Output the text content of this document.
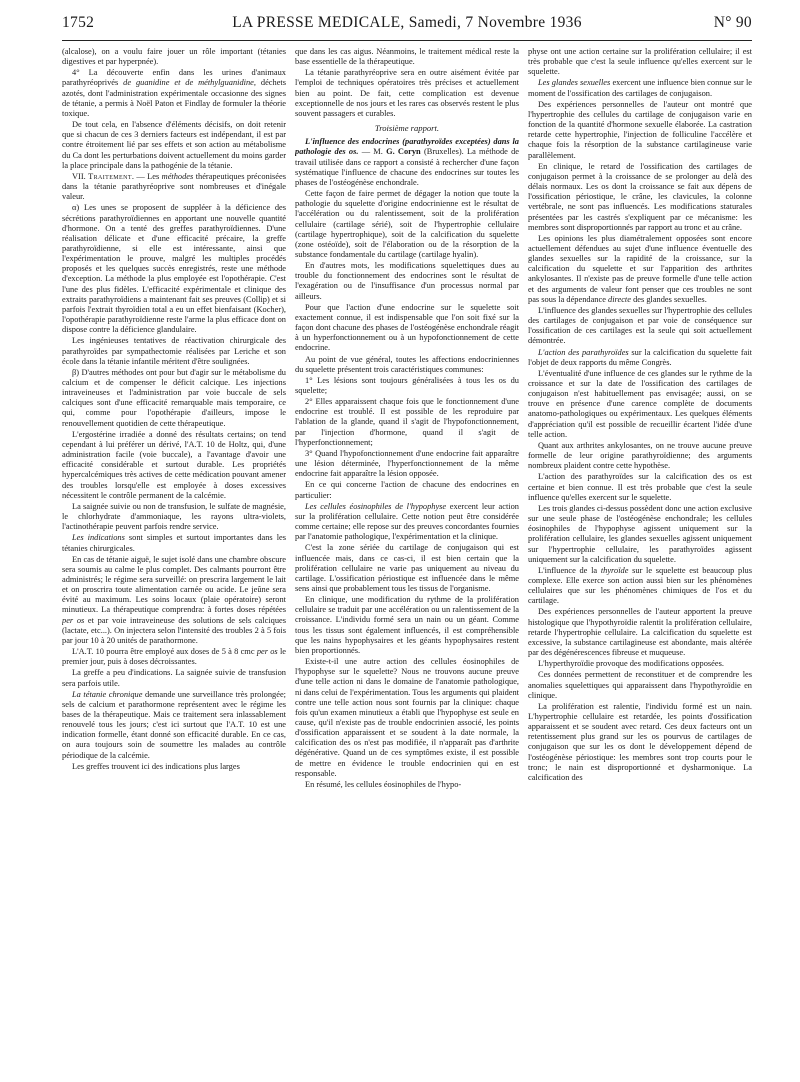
1752	LA PRESSE MEDICALE, Samedi, 7 Novembre 1936	N° 90

(alcalose), on a voulu faire jouer un rôle important (tétanies digestives et par hyperpnée).

4° La découverte enfin dans les urines d'animaux parathyréoprivés de guanidine et de méthylguanidine, déchets azotés, dont l'administration expérimentale occasionne des signes de tétanie, a permis à Noël Paton et Findlay de formuler la théorie toxique.

De tout cela, en l'absence d'éléments décisifs, on doit retenir que si chacun de ces 3 derniers facteurs est indépendant, il est par contre étroitement lié par ses effets et son action au métabolisme du Ca dont les perturbations doivent actuellement du moins garder la place principale dans la pathogénie de la tétanie.

VII. Traitement. — Les méthodes thérapeutiques préconisées dans la tétanie parathyréoprive sont nombreuses et d'inégale valeur.

α) Les unes se proposent de suppléer à la déficience des sécrétions parathyroïdiennes en apportant une nouvelle quantité d'hormone. On a tenté des greffes parathyroïdiennes. D'une réalisation délicate et d'une efficacité précaire, la greffe parathyroïdienne, si elle est intéressante, ainsi que l'expérimentation le prouve, malgré les multiples procédés proposés et les quelques succès enregistrés, reste une méthode d'exception. La méthode la plus employée est l'opothérapie. C'est l'une des plus fidèles. L'efficacité expérimentale et clinique des extraits parathyroïdiens a maintenant fait ses preuves (Collip) et si parfois l'extrait thyroïdien total a eu un effet bienfaisant (Kocher), l'opothérapie parathyroïdienne reste l'arme la plus efficace dont on dispose contre la déficience glandulaire.

Les ingénieuses tentatives de réactivation chirurgicale des parathyroïdes par sympathectomie réalisées par Leriche et son école dans la tétanie infantile méritent d'être soulignées.

β) D'autres méthodes ont pour but d'agir sur le métabolisme du calcium et de compenser le déficit calcique. Les injections intraveineuses et l'administration par voie buccale de sels calciques sont d'une efficacité remarquable mais temporaire, ce qui, comme pour l'opothérapie d'ailleurs, impose le renouvellement quotidien de cette thérapeutique.

L'ergostérine irradiée a donné des résultats certains; on tend cependant à lui préférer un dérivé, l'A.T. 10 de Holtz, qui, d'une administration facile (voie buccale), a l'avantage d'avoir une efficacité considérable et surtout durable. Les propriétés hypercalcémiques très actives de cette médication pouvant amener des troubles lorsqu'elle est employée à doses excessives nécessitent le contrôle permanent de la calcémie.

La saignée suivie ou non de transfusion, le sulfate de magnésie, le chlorhydrate d'ammoniaque, les rayons ultra-violets, l'actinothérapie peuvent parfois rendre service.

Les indications sont simples et surtout importantes dans les tétanies chirurgicales.

En cas de tétanie aiguë, le sujet isolé dans une chambre obscure sera soumis au calme le plus complet. Des calmants pourront être administrés; le régime sera surveillé: on prescrira largement le lait et on proscrira toute alimentation carnée ou acide. Le jeûne sera évité au maximum. Les soins locaux (plaie opératoire) seront minutieux. La thérapeutique comprendra: à fortes doses répétées per os et par voie intraveineuse des solutions de sels calciques (lactate, etc...). On injectera selon l'intensité des troubles 2 à 5 fois par jour 10 à 20 unités de parathormone.

L'A.T. 10 pourra être employé aux doses de 5 à 8 cmc per os le premier jour, puis à doses décroissantes.

La greffe a peu d'indications. La saignée suivie de transfusion sera parfois utile.

La tétanie chronique demande une surveillance très prolongée; sels de calcium et parathormone représentent avec le régime les bases de la thérapeutique. Mais ce traitement sera inlassablement renouvelé tous les jours; c'est ici surtout que l'A.T. 10 est une indication formelle, étant donné son efficacité durable. En ce cas, on aura toujours soin de soumettre les malades au contrôle périodique de la calcémie.

Les greffes trouvent ici des indications plus larges

que dans les cas aigus. Néanmoins, le traitement médical reste la base essentielle de la thérapeutique.

La tétanie parathyréoprive sera en outre aisément évitée par l'emploi de techniques opératoires très précises et actuellement bien au point. De fait, cette complication est devenue exceptionnelle de nos jours et les rares cas observés restent le plus souvent passagers et curables.

Troisième rapport.

L'influence des endocrines (parathyroïdes exceptées) dans la pathologie des os. — M. G. Coryn (Bruxelles). La méthode de travail utilisée dans ce rapport a consisté à rechercher d'une façon systématique l'influence de chacune des endocrines sur toutes les phases de l'ostéogénèse enchondrale.

Cette façon de faire permet de dégager la notion que toute la pathologie du squelette d'origine endocrinienne est le résultat de l'accélération ou du ralentissement, soit de la prolifération cellulaire (cartilage sérié), soit de l'hypertrophie cellulaire (cartilage hypertrophique), soit de la calcification du squelette (zone ostéoïde), soit de l'élaboration ou de la résorption de la substance fondamentale du cartilage (cartilage hyalin).

En d'autres mots, les modifications squelettiques dues au trouble du fonctionnement des endocrines sont le résultat de l'exagération ou de l'insuffisance d'un processus normal par ailleurs.

Pour que l'action d'une endocrine sur le squelette soit exactement connue, il est indispensable que l'on soit fixé sur la façon dont chacune des phases de l'ostéogénèse enchondrale réagit à un hyperfonctionnement ou à un hypofonctionnement de cette endocrine.

Au point de vue général, toutes les affections endocriniennes du squelette présentent trois caractéristiques communes:

1° Les lésions sont toujours généralisées à tous les os du squelette;

2° Elles apparaissent chaque fois que le fonctionnement d'une endocrine est troublé. Il est possible de les reproduire par l'ablation de la glande, quand il s'agit de l'hypofonctionnement, par l'injection d'hormone, quand il s'agit de l'hyperfonctionnement;

3° Quand l'hypofonctionnement d'une endocrine fait apparaître une lésion déterminée, l'hyperfonctionnement de la même endocrine fait apparaître la lésion opposée.

En ce qui concerne l'action de chacune des endocrines en particulier:

Les cellules éosinophiles de l'hypophyse exercent leur action sur la prolifération cellulaire. Cette notion peut être considérée comme certaine; elle repose sur des preuves concordantes fournies par l'anatomie pathologique, l'expérimentation et la clinique.

C'est la zone sériée du cartilage de conjugaison qui est influencée mais, dans ce cas-ci, il est bien certain que la prolifération cellulaire ne varie pas uniquement au niveau du cartilage. L'ossification périostique est influencée dans le même sens ainsi que probablement tous les tissus de l'organisme.

En clinique, une modification du rythme de la prolifération cellulaire se traduit par une accélération ou un ralentissement de la croissance. L'individu formé sera un nain ou un géant. Comme tous les tissus sont également influencés, il est compréhensible que les nains hypophysaires et les géants hypophysaires restent bien proportionnés.

Existe-t-il une autre action des cellules éosinophiles de l'hypophyse sur le squelette? Nous ne trouvons aucune preuve d'une telle action ni dans le domaine de l'anatomie pathologique, ni dans celui de l'expérimentation. Tous les arguments qui plaident contre une telle action nous sont fournis par la clinique: chaque fois qu'un examen minutieux a établi que l'hypophyse est seule en cause, qu'il n'existe pas de trouble endocrinien associé, les points d'ossification apparaissent et se soudent à la date normale, la calcification des os n'est pas modifiée, il n'apparaît pas d'arthrite dégénérative. Quand un de ces symptômes existe, il est possible de mettre en évidence le trouble endocrinien qui en est responsable.

En résumé, les cellules éosinophiles de l'hypo-

physe ont une action certaine sur la prolifération cellulaire; il est très probable que c'est la seule influence qu'elles exercent sur le squelette.

Les glandes sexuelles exercent une influence bien connue sur le moment de l'ossification des cartilages de conjugaison.

Des expériences personnelles de l'auteur ont montré que l'hypertrophie des cellules du cartilage de conjugaison varie en fonction de la quantité d'hormone sexuelle élaborée. La castration retarde cette hypertrophie, l'injection de folliculine l'accélère et chaque fois la résorption de la substance cartilagineuse varie parallèlement.

En clinique, le retard de l'ossification des cartilages de conjugaison permet à la croissance de se prolonger au delà des délais normaux. Les os dont la croissance se fait aux dépens de l'ossification périostique, le crâne, les clavicules, la colonne vertébrale, ne sont pas influencés. Les modifications staturales présentées par les castrés s'expliquent par ce mécanisme: les membres sont disproportionnés par rapport au tronc et au crâne.

Les opinions les plus diamétralement opposées sont encore actuellement défendues au sujet d'une influence éventuelle des glandes sexuelles sur la rapidité de la croissance, sur la calcification du squelette et sur l'apparition des arthrites ankylosantes. Il n'existe pas de preuve formelle d'une telle action et des arguments de valeur font penser que ces troubles ne sont pas sous la dépendance directe des glandes sexuelles.

L'influence des glandes sexuelles sur l'hypertrophie des cellules des cartilages de conjugaison et par voie de conséquence sur l'ossification de ces cartilages est la seule qui soit actuellement démontrée.

L'action des parathyroïdes sur la calcification du squelette fait l'objet de deux rapports du même Congrès.

L'éventualité d'une influence de ces glandes sur le rythme de la croissance et sur la date de l'ossification des cartilages de conjugaison n'est habituellement pas envisagée; aussi, on se trouve en présence d'une carence complète de documents anatomo-pathologiques ou expérimentaux. Les quelques éléments d'appréciation qu'il est possible de recueillir écartent l'idée d'une telle action.

Quant aux arthrites ankylosantes, on ne trouve aucune preuve formelle de leur origine parathyroïdienne; des arguments nombreux plaident contre cette hypothèse.

L'action des parathyroïdes sur la calcification des os est certaine et bien connue. Il est très probable que c'est la seule influence qu'elles exercent sur le squelette.

Les trois glandes ci-dessus possèdent donc une action exclusive sur une seule phase de l'ostéogénèse enchondrale; les cellules éosinophiles de l'hypophyse agissent uniquement sur la prolifération cellulaire, les glandes sexuelles agissent uniquement sur l'hypertrophie cellulaire, les parathyroïdes agissent uniquement sur la calcification du squelette.

L'influence de la thyroïde sur le squelette est beaucoup plus complexe. Elle exerce son action aussi bien sur les phénomènes cellulaires que sur les phénomènes chimiques de l'os et du cartilage.

Des expériences personnelles de l'auteur apportent la preuve histologique que l'hypothyroïdie ralentit la prolifération cellulaire, retarde l'hypertrophie cellulaire. La calcification du squelette est excessive, la substance cartilagineuse est abondante, mais altérée par des dégénérescences fibreuse et muqueuse.

L'hyperthyroïdie provoque des modifications opposées.

Ces données permettent de reconstituer et de comprendre les anomalies squelettiques qui apparaissent dans l'hypothyroïdie en clinique.

La prolifération est ralentie, l'individu formé est un nain. L'hypertrophie cellulaire est retardée, les points d'ossification apparaissent et se soudent avec retard. Ces deux facteurs ont un retentissement plus grand sur les os pourvus de cartilages de conjugaison que sur les os dont le développement dépend de l'ostéogénèse périostique: les membres sont trop courts pour le tronc; le nain est disproportionné et dysharmonique. La calcification des
